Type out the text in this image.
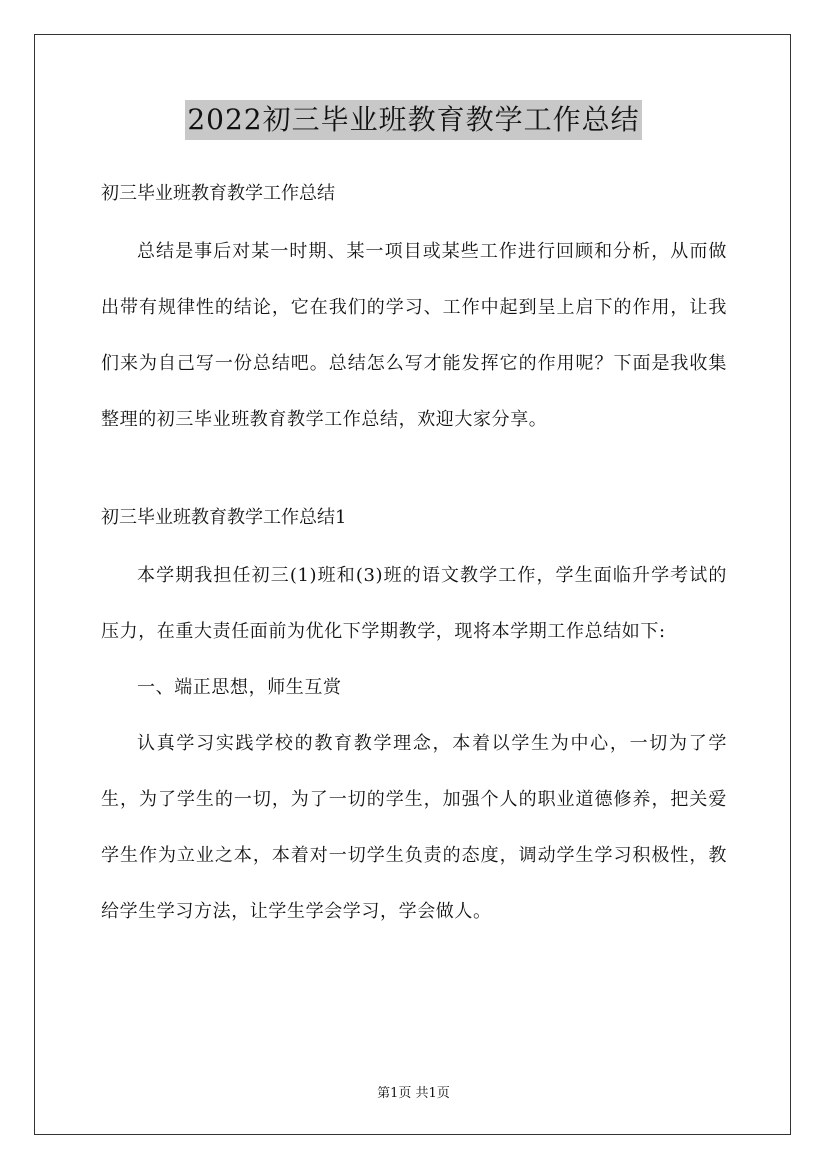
2022初三毕业班教育教学工作总结
初三毕业班教育教学工作总结

总结是事后对某一时期、某一项目或某些工作进行回顾和分析，从而做出带有规律性的结论，它在我们的学习、工作中起到呈上启下的作用，让我们来为自己写一份总结吧。总结怎么写才能发挥它的作用呢？下面是我收集整理的初三毕业班教育教学工作总结，欢迎大家分享。

初三毕业班教育教学工作总结1

本学期我担任初三(1)班和(3)班的语文教学工作，学生面临升学考试的压力，在重大责任面前为优化下学期教学，现将本学期工作总结如下:

一、端正思想，师生互赏

认真学习实践学校的教育教学理念，本着以学生为中心，一切为了学生，为了学生的一切，为了一切的学生，加强个人的职业道德修养，把关爱学生作为立业之本，本着对一切学生负责的态度，调动学生学习积极性，教给学生学习方法，让学生学会学习，学会做人。

第1页 共1页
